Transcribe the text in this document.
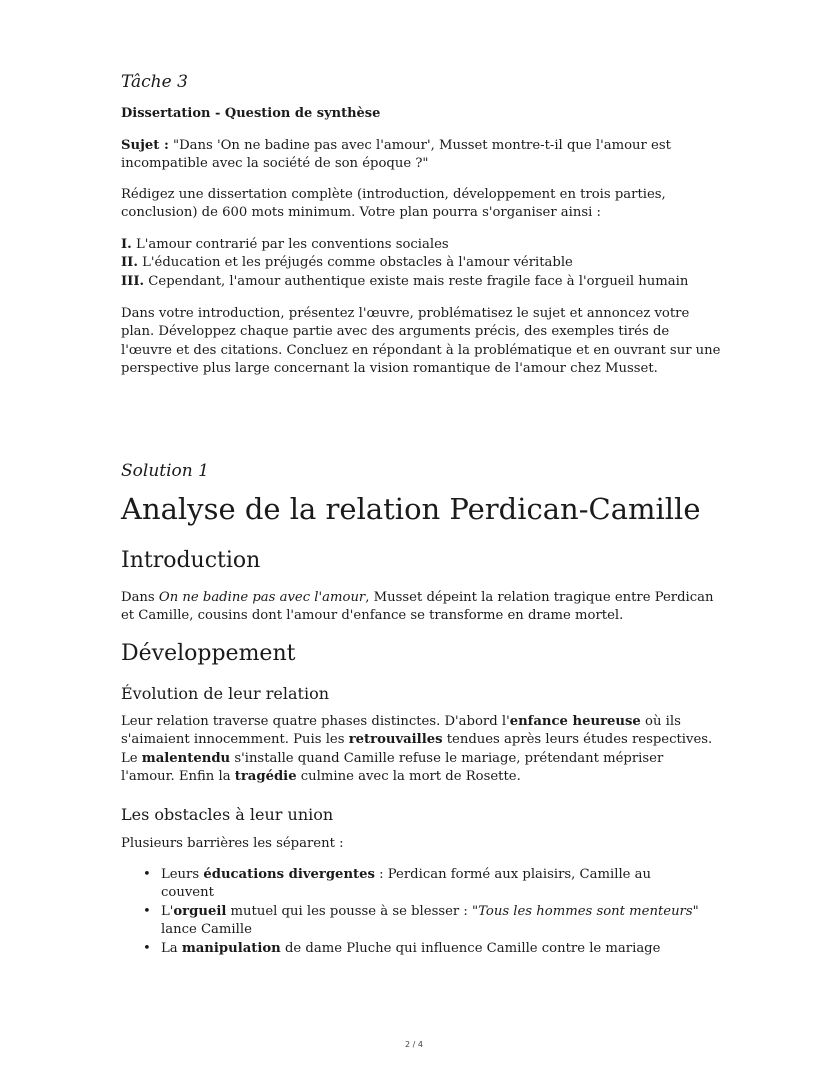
Tâche 3
Dissertation - Question de synthèse

Sujet : "Dans 'On ne badine pas avec l'amour', Musset montre-t-il que l'amour est incompatible avec la société de son époque ?"

Rédigez une dissertation complète (introduction, développement en trois parties, conclusion) de 600 mots minimum. Votre plan pourra s'organiser ainsi :

I. L'amour contrarié par les conventions sociales
II. L'éducation et les préjugés comme obstacles à l'amour véritable
III. Cependant, l'amour authentique existe mais reste fragile face à l'orgueil humain

Dans votre introduction, présentez l'œuvre, problématisez le sujet et annoncez votre plan. Développez chaque partie avec des arguments précis, des exemples tirés de l'œuvre et des citations. Concluez en répondant à la problématique et en ouvrant sur une perspective plus large concernant la vision romantique de l'amour chez Musset.

Solution 1
Analyse de la relation Perdican-Camille
Introduction

Dans On ne badine pas avec l'amour, Musset dépeint la relation tragique entre Perdican et Camille, cousins dont l'amour d'enfance se transforme en drame mortel.

Développement
Évolution de leur relation

Leur relation traverse quatre phases distinctes. D'abord l'enfance heureuse où ils s'aimaient innocemment. Puis les retrouvailles tendues après leurs études respectives. Le malentendu s'installe quand Camille refuse le mariage, prétendant mépriser l'amour. Enfin la tragédie culmine avec la mort de Rosette.

Les obstacles à leur union

Plusieurs barrières les séparent :

• Leurs éducations divergentes : Perdican formé aux plaisirs, Camille au couvent
• L'orgueil mutuel qui les pousse à se blesser : "Tous les hommes sont menteurs" lance Camille
• La manipulation de dame Pluche qui influence Camille contre le mariage
2 / 4
